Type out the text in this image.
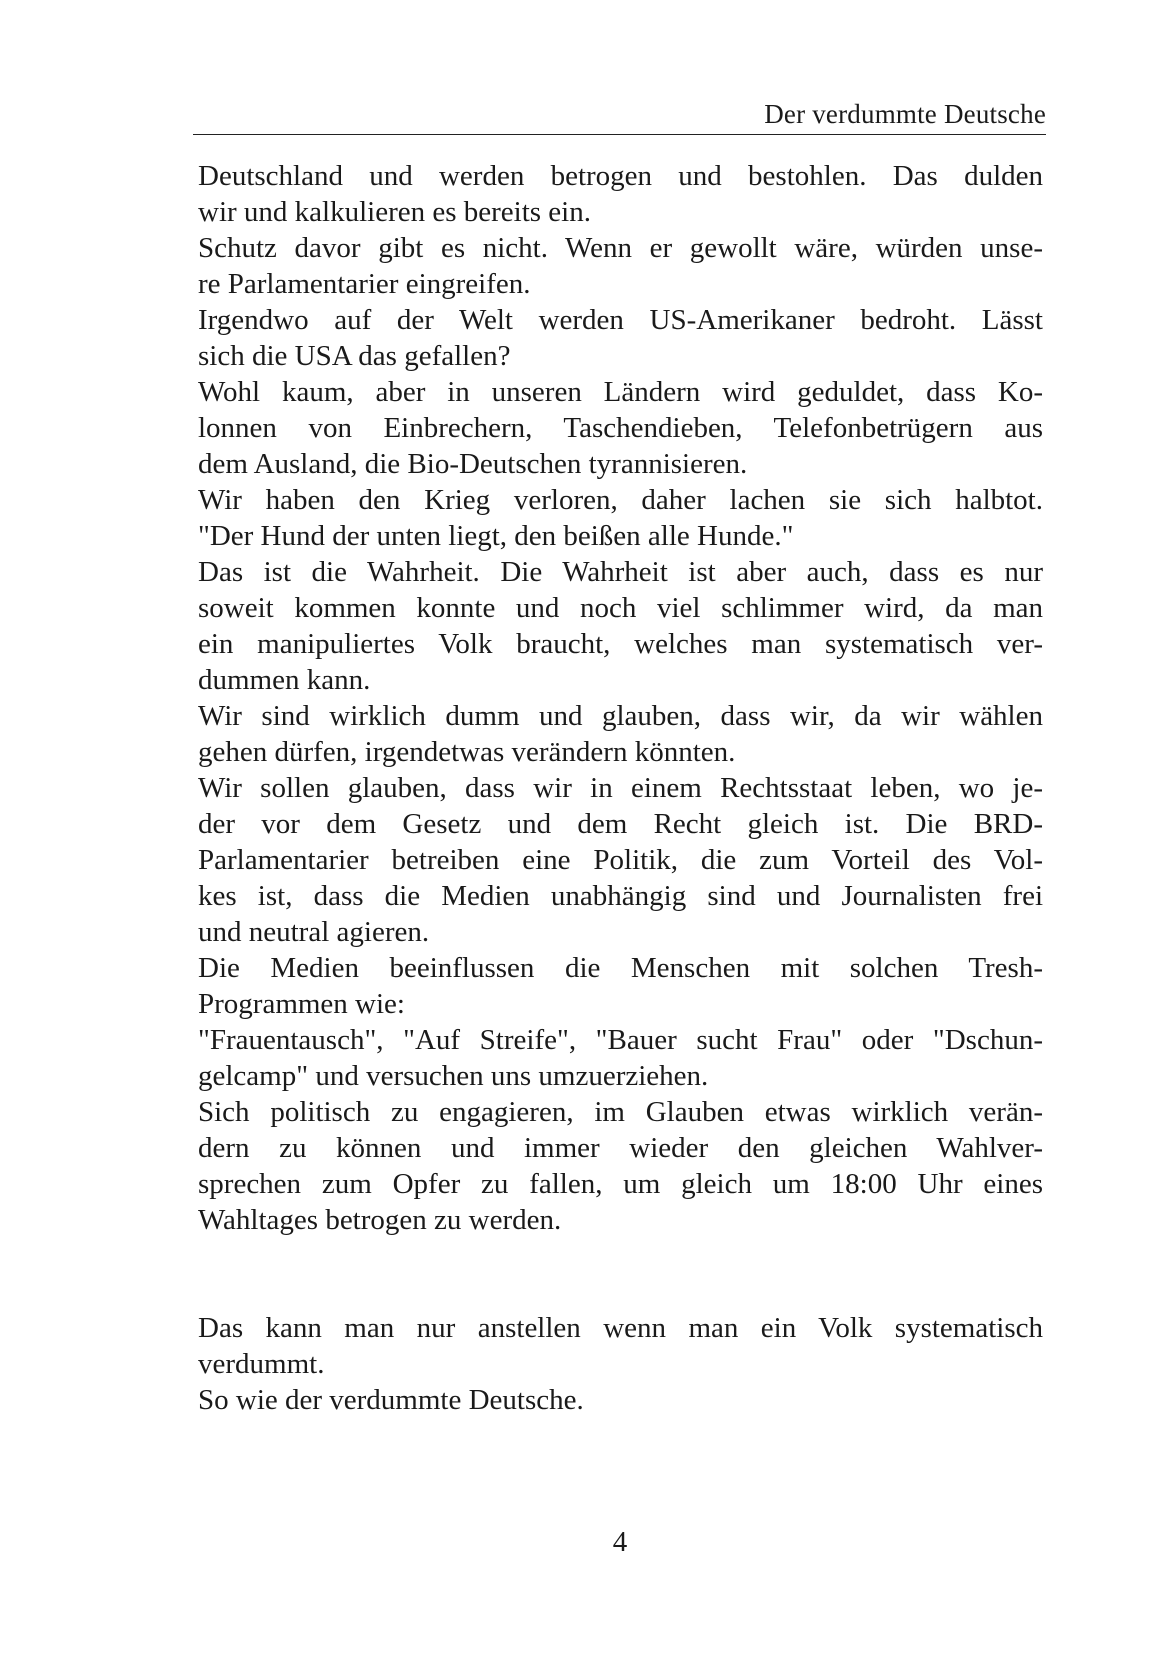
Der verdummte Deutsche
Deutschland und werden betrogen und bestohlen. Das dulden
wir und kalkulieren es bereits ein.
Schutz davor gibt es nicht. Wenn er gewollt wäre, würden unse-
re Parlamentarier eingreifen.
Irgendwo auf der Welt werden US-Amerikaner bedroht. Lässt
sich die USA das gefallen?
Wohl kaum, aber in unseren Ländern wird geduldet, dass Ko-
lonnen von Einbrechern, Taschendieben, Telefonbetrügern aus
dem Ausland, die Bio-Deutschen tyrannisieren.
Wir haben den Krieg verloren, daher lachen sie sich halbtot.
"Der Hund der unten liegt, den beißen alle Hunde."
Das ist die Wahrheit. Die Wahrheit ist aber auch, dass es nur
soweit kommen konnte und noch viel schlimmer wird, da man
ein manipuliertes Volk braucht, welches man systematisch ver-
dummen kann.
Wir sind wirklich dumm und glauben, dass wir, da wir wählen
gehen dürfen, irgendetwas verändern könnten.
Wir sollen glauben, dass wir in einem Rechtsstaat leben, wo je-
der vor dem Gesetz und dem Recht gleich ist. Die BRD-
Parlamentarier betreiben eine Politik, die zum Vorteil des Vol-
kes ist, dass die Medien unabhängig sind und Journalisten frei
und neutral agieren.
Die Medien beeinflussen die Menschen mit solchen Tresh-
Programmen wie:
"Frauentausch", "Auf Streife", "Bauer sucht Frau" oder "Dschun-
gelcamp" und versuchen uns umzuerziehen.
Sich politisch zu engagieren, im Glauben etwas wirklich verän-
dern zu können und immer wieder den gleichen Wahlver-
sprechen zum Opfer zu fallen, um gleich um 18:00 Uhr eines
Wahltages betrogen zu werden.
Das kann man nur anstellen wenn man ein Volk systematisch
verdummt.
So wie der verdummte Deutsche.
4
